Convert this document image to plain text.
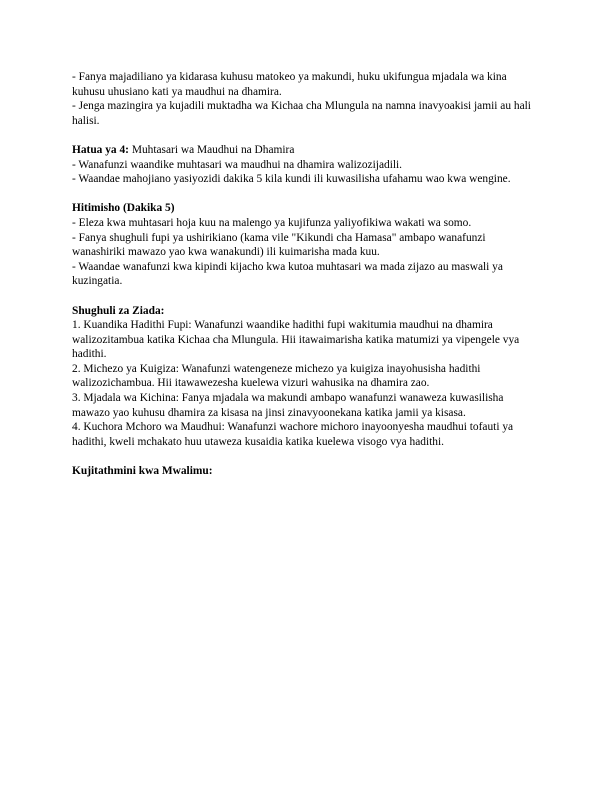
- Fanya majadiliano ya kidarasa kuhusu matokeo ya makundi, huku ukifungua mjadala wa kina kuhusu uhusiano kati ya maudhui na dhamira.

- Jenga mazingira ya kujadili muktadha wa Kichaa cha Mlungula na namna inavyoakisi jamii au hali halisi.

Hatua ya 4: Muhtasari wa Maudhui na Dhamira

- Wanafunzi waandike muhtasari wa maudhui na dhamira walizozijadili.

- Waandae mahojiano yasiyozidi dakika 5 kila kundi ili kuwasilisha ufahamu wao kwa wengine.

Hitimisho (Dakika 5)

- Eleza kwa muhtasari hoja kuu na malengo ya kujifunza yaliyofikiwa wakati wa somo.

- Fanya shughuli fupi ya ushirikiano (kama vile "Kikundi cha Hamasa" ambapo wanafunzi wanashiriki mawazo yao kwa wanakundi) ili kuimarisha mada kuu.

- Waandae wanafunzi kwa kipindi kijacho kwa kutoa muhtasari wa mada zijazo au maswali ya kuzingatia.

Shughuli za Ziada:

1. Kuandika Hadithi Fupi: Wanafunzi waandike hadithi fupi wakitumia maudhui na dhamira walizozitambua katika Kichaa cha Mlungula. Hii itawaimarisha katika matumizi ya vipengele vya hadithi.

2. Michezo ya Kuigiza: Wanafunzi watengeneze michezo ya kuigiza inayohusisha hadithi walizozichambua. Hii itawawezesha kuelewa vizuri wahusika na dhamira zao.

3. Mjadala wa Kichina: Fanya mjadala wa makundi ambapo wanafunzi wanaweza kuwasilisha mawazo yao kuhusu dhamira za kisasa na jinsi zinavyoonekana katika jamii ya kisasa.

4. Kuchora Mchoro wa Maudhui: Wanafunzi wachore michoro inayoonyesha maudhui tofauti ya hadithi, kweli mchakato huu utaweza kusaidia katika kuelewa visogo vya hadithi.

Kujitathmini kwa Mwalimu:
